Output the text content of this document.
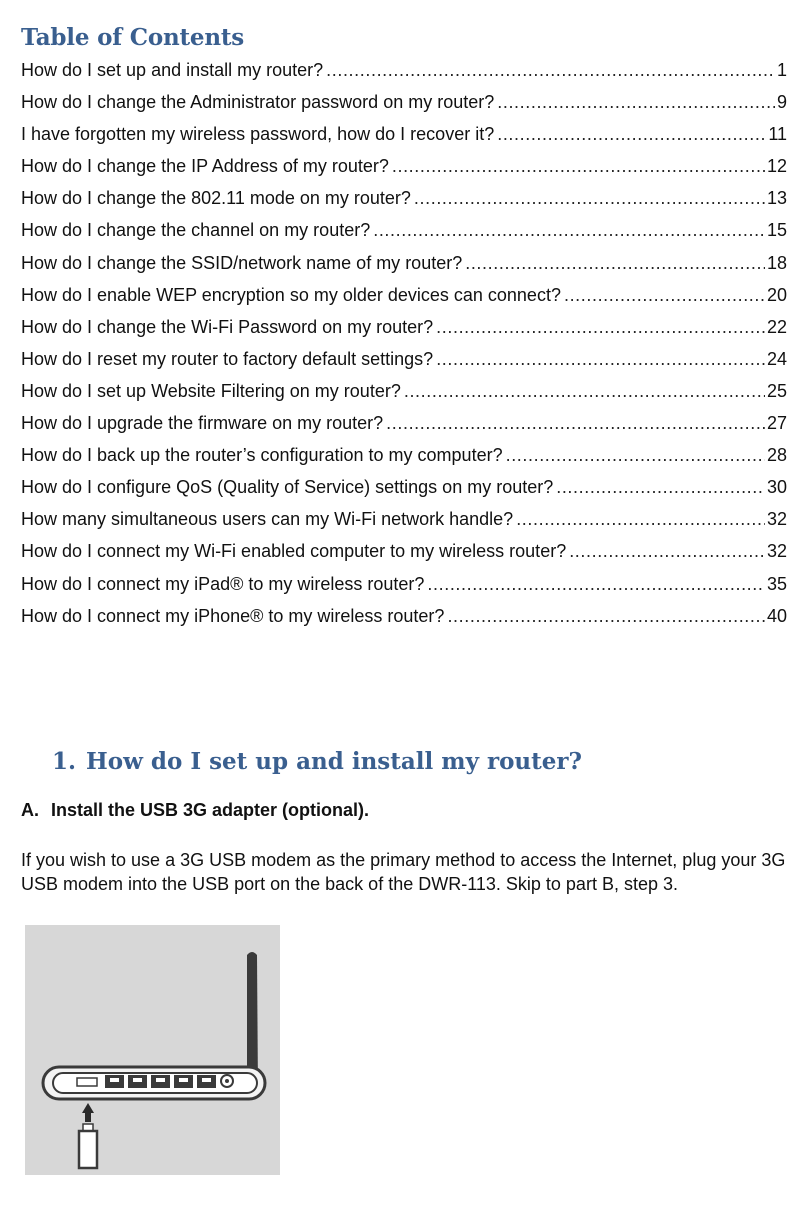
Table of Contents
How do I set up and install my router? .....	1
How do I change the Administrator password on my router? .....	9
I have forgotten my wireless password, how do I recover it? .....	11
How do I change the IP Address of my router? .....	12
How do I change the 802.11 mode on my router? .....	13
How do I change the channel on my router? .....	15
How do I change the SSID/network name of my router? .....	18
How do I enable WEP encryption so my older devices can connect? .....	20
How do I change the Wi-Fi Password on my router? .....	22
How do I reset my router to factory default settings? .....	24
How do I set up Website Filtering on my router? .....	25
How do I upgrade the firmware on my router? .....	27
How do I back up the router’s configuration to my computer? .....	28
How do I configure QoS (Quality of Service) settings on my router? .....	30
How many simultaneous users can my Wi-Fi network handle? .....	32
How do I connect my Wi-Fi enabled computer to my wireless router? .....	32
How do I connect my iPad® to my wireless router? .....	35
How do I connect my iPhone® to my wireless router? .....	40
1. How do I set up and install my router?
A. Install the USB 3G adapter (optional).

If you wish to use a 3G USB modem as the primary method to access the Internet, plug your 3G USB modem into the USB port on the back of the DWR-113. Skip to part B, step 3.
